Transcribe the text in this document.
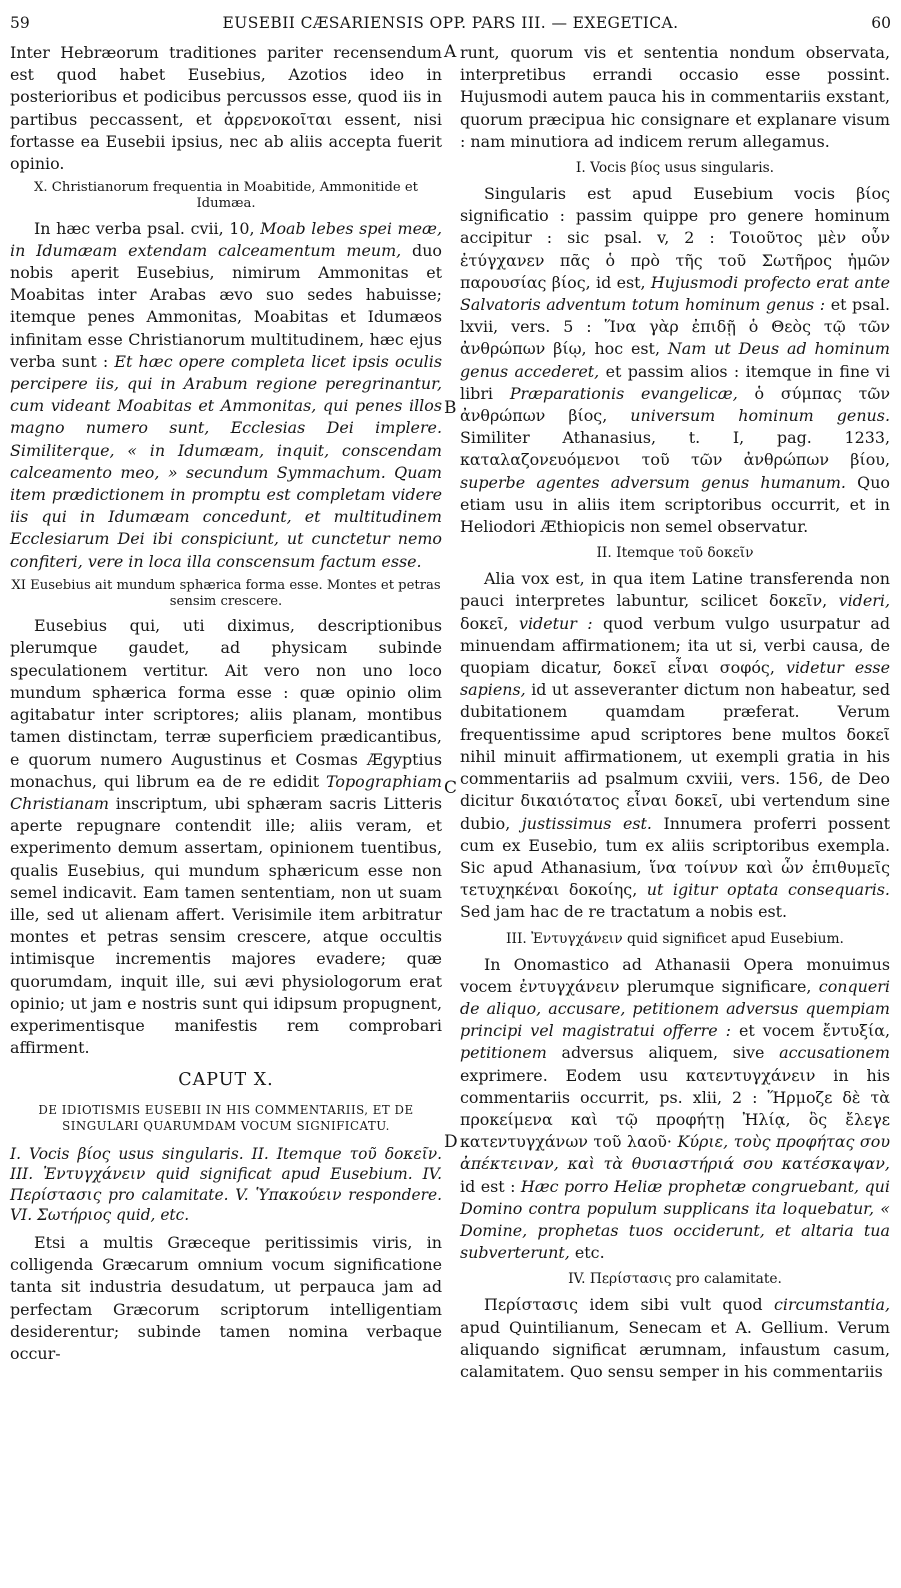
59	EUSEBII CÆSARIENSIS OPP. PARS III. — EXEGETICA.	60
A
B
C
D

Inter Hebræorum traditiones pariter recensendum est quod habet Eusebius, Azotios ideo in posterioribus et podicibus percussos esse, quod iis in partibus peccassent, et ἀρρενοκοῖται essent, nisi fortasse ea Eusebii ipsius, nec ab aliis accepta fuerit opinio.

X. Christianorum frequentia in Moabitide, Ammonitide et Idumæa.

In hæc verba psal. cvii, 10, Moab lebes spei meæ, in Idumæam extendam calceamentum meum, duo nobis aperit Eusebius, nimirum Ammonitas et Moabitas inter Arabas ævo suo sedes habuisse; itemque penes Ammonitas, Moabitas et Idumæos infinitam esse Christianorum multitudinem, hæc ejus verba sunt : Et hæc opere completa licet ipsis oculis percipere iis, qui in Arabum regione peregrinantur, cum videant Moabitas et Ammonitas, qui penes illos magno numero sunt, Ecclesias Dei implere. Similiterque, « in Idumæam, inquit, conscendam calceamento meo, » secundum Symmachum. Quam item prædictionem in promptu est completam videre iis qui in Idumæam concedunt, et multitudinem Ecclesiarum Dei ibi conspiciunt, ut cunctetur nemo confiteri, vere in loca illa conscensum factum esse.

XI Eusebius ait mundum sphærica forma esse. Montes et petras sensim crescere.

Eusebius qui, uti diximus, descriptionibus plerumque gaudet, ad physicam subinde speculationem vertitur. Ait vero non uno loco mundum sphærica forma esse : quæ opinio olim agitabatur inter scriptores; aliis planam, montibus tamen distinctam, terræ superficiem prædicantibus, e quorum numero Augustinus et Cosmas Ægyptius monachus, qui librum ea de re edidit Topographiam Christianam inscriptum, ubi sphæram sacris Litteris aperte repugnare contendit ille; aliis veram, et experimento demum assertam, opinionem tuentibus, qualis Eusebius, qui mundum sphæricum esse non semel indicavit. Eam tamen sententiam, non ut suam ille, sed ut alienam affert. Verisimile item arbitratur montes et petras sensim crescere, atque occultis intimisque incrementis majores evadere; quæ quorumdam, inquit ille, sui ævi physiologorum erat opinio; ut jam e nostris sunt qui idipsum propugnent, experimentisque manifestis rem comprobari affirment.

CAPUT X.
DE IDIOTISMIS EUSEBII IN HIS COMMENTARIIS, ET DE SINGULARI QUARUMDAM VOCUM SIGNIFICATU.

I. Vocis βίος usus singularis. II. Itemque τοῦ δοκεῖν. III. Ἐντυγχάνειν quid significat apud Eusebium. IV. Περίστασις pro calamitate. V. Ὑπακούειν respondere. VI. Σωτήριος quid, etc.

Etsi a multis Græceque peritissimis viris, in colligenda Græcarum omnium vocum significatione tanta sit industria desudatum, ut perpauca jam ad perfectam Græcorum scriptorum intelligentiam desiderentur; subinde tamen nomina verbaque occur-

runt, quorum vis et sententia nondum observata, interpretibus errandi occasio esse possint. Hujusmodi autem pauca his in commentariis exstant, quorum præcipua hic consignare et explanare visum : nam minutiora ad indicem rerum allegamus.

I. Vocis βίος usus singularis.

Singularis est apud Eusebium vocis βίος significatio : passim quippe pro genere hominum accipitur : sic psal. v, 2 : Τοιοῦτος μὲν οὖν ἐτύγχανεν πᾶς ὁ πρὸ τῆς τοῦ Σωτῆρος ἡμῶν παρουσίας βίος, id est, Hujusmodi profecto erat ante Salvatoris adventum totum hominum genus : et psal. lxvii, vers. 5 : Ἵνα γὰρ ἐπιδῇ ὁ Θεὸς τῷ τῶν ἀνθρώπων βίῳ, hoc est, Nam ut Deus ad hominum genus accederet, et passim alios : itemque in fine vi libri Præparationis evangelicæ, ὁ σύμπας τῶν ἀνθρώπων βίος, universum hominum genus. Similiter Athanasius, t. I, pag. 1233, καταλαζονευόμενοι τοῦ τῶν ἀνθρώπων βίου, superbe agentes adversum genus humanum. Quo etiam usu in aliis item scriptoribus occurrit, et in Heliodori Æthiopicis non semel observatur.

II. Itemque τοῦ δοκεῖν

Alia vox est, in qua item Latine transferenda non pauci interpretes labuntur, scilicet δοκεῖν, videri, δοκεῖ, videtur : quod verbum vulgo usurpatur ad minuendam affirmationem; ita ut si, verbi causa, de quopiam dicatur, δοκεῖ εἶναι σοφός, videtur esse sapiens, id ut asseveranter dictum non habeatur, sed dubitationem quamdam præferat. Verum frequentissime apud scriptores bene multos δοκεῖ nihil minuit affirmationem, ut exempli gratia in his commentariis ad psalmum cxviii, vers. 156, de Deo dicitur δικαιότατος εἶναι δοκεῖ, ubi vertendum sine dubio, justissimus est. Innumera proferri possent cum ex Eusebio, tum ex aliis scriptoribus exempla. Sic apud Athanasium, ἵνα τοίνυν καὶ ὧν ἐπιθυμεῖς τετυχηκέναι δοκοίης, ut igitur optata consequaris. Sed jam hac de re tractatum a nobis est.

III. Ἐντυγχάνειν quid significet apud Eusebium.

In Onomastico ad Athanasii Opera monuimus vocem ἐντυγχάνειν plerumque significare, conqueri de aliquo, accusare, petitionem adversus quempiam principi vel magistratui offerre : et vocem ἔντυξία, petitionem adversus aliquem, sive accusationem exprimere. Eodem usu κατεντυγχάνειν in his commentariis occurrit, ps. xlii, 2 : Ἥρμοζε δὲ τὰ προκείμενα καὶ τῷ προφήτῃ Ἠλίᾳ, ὃς ἔλεγε κατεντυγχάνων τοῦ λαοῦ· Κύριε, τοὺς προφήτας σου ἀπέκτειναν, καὶ τὰ θυσιαστήριά σου κατέσκαψαν, id est : Hæc porro Heliæ prophetæ congruebant, qui Domino contra populum supplicans ita loquebatur, « Domine, prophetas tuos occiderunt, et altaria tua subverterunt, etc.

IV. Περίστασις pro calamitate.

Περίστασις idem sibi vult quod circumstantia, apud Quintilianum, Senecam et A. Gellium. Verum aliquando significat ærumnam, infaustum casum, calamitatem. Quo sensu semper in his commentariis
